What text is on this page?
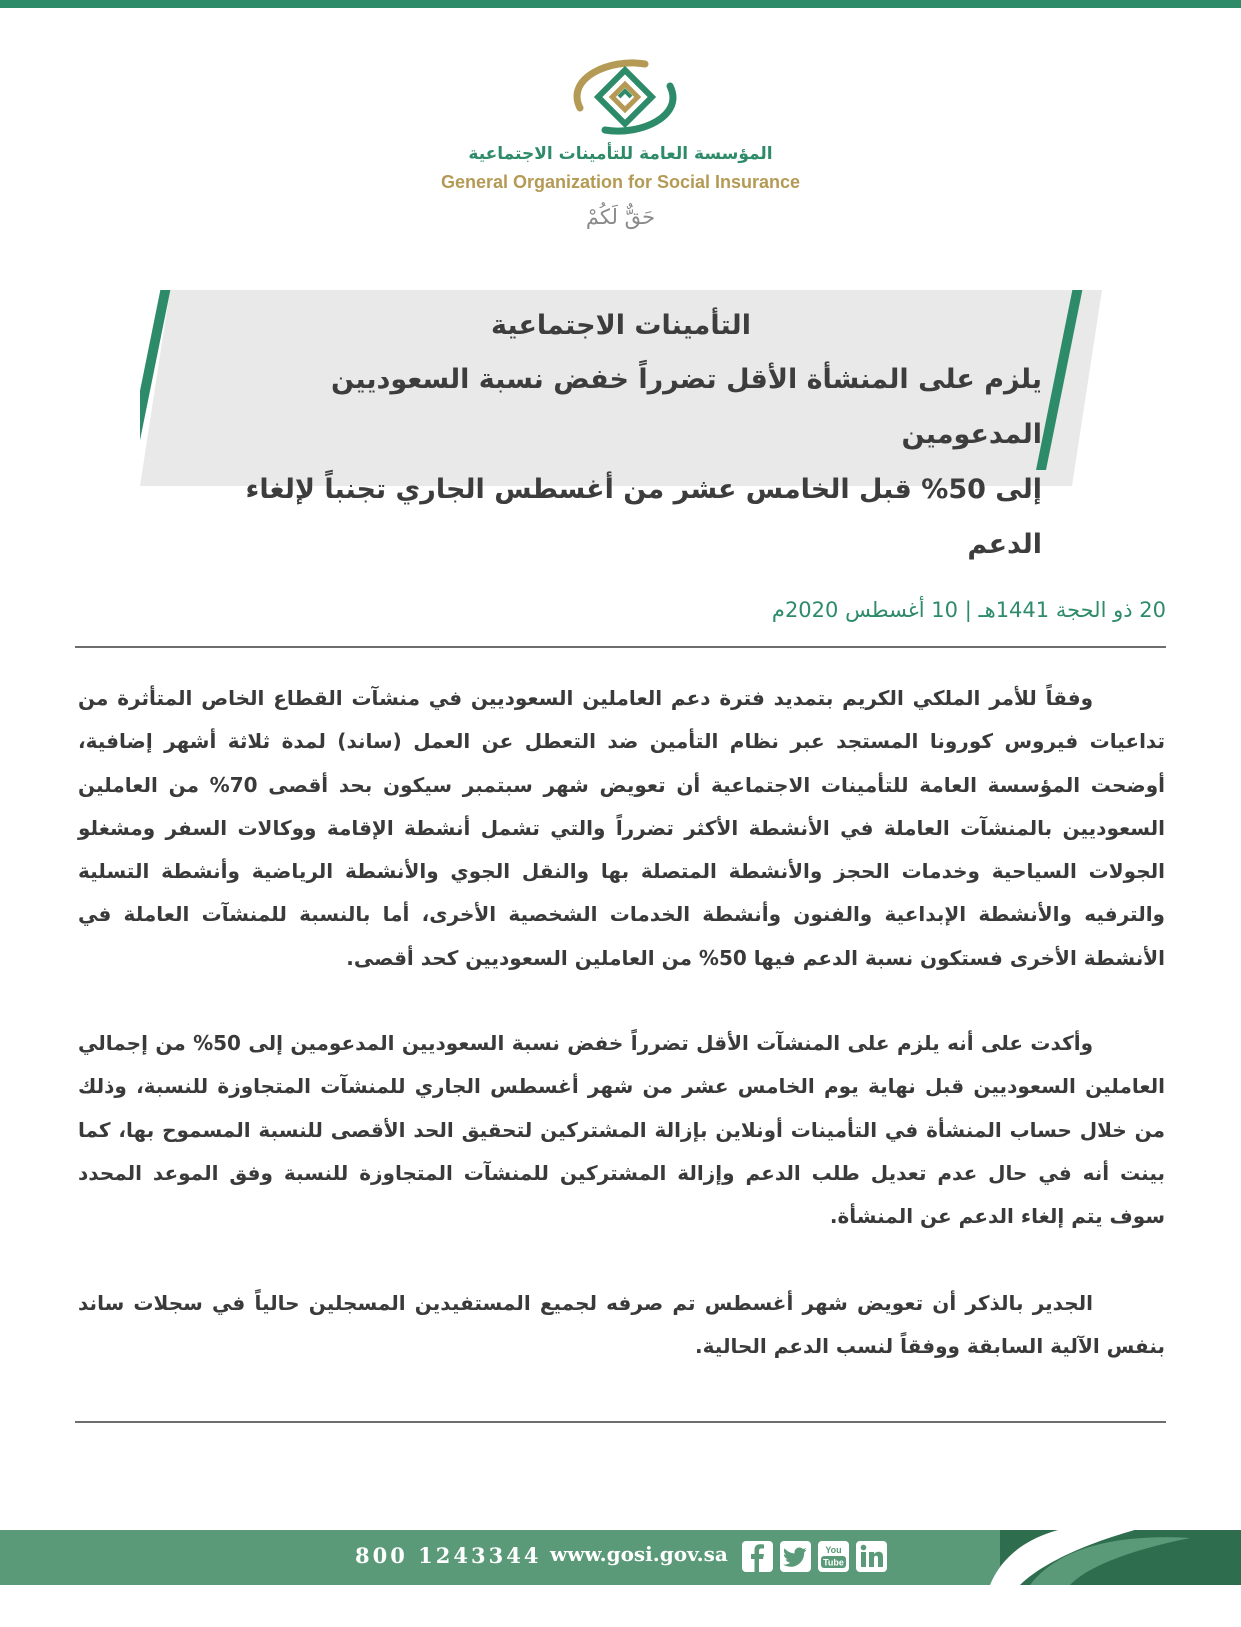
المؤسسة العامة للتأمينات الاجتماعية
General Organization for Social Insurance
حَقٌّ لَكُمْ
التأمينات الاجتماعية
يلزم على المنشأة الأقل تضرراً خفض نسبة السعوديين المدعومين
إلى 50% قبل الخامس عشر من أغسطس الجاري تجنباً لإلغاء الدعم
20 ذو الحجة 1441هـ | 10 أغسطس 2020م

وفقاً للأمر الملكي الكريم بتمديد فترة دعم العاملين السعوديين في منشآت القطاع الخاص المتأثرة من تداعيات فيروس كورونا المستجد عبر نظام التأمين ضد التعطل عن العمل (ساند) لمدة ثلاثة أشهر إضافية، أوضحت المؤسسة العامة للتأمينات الاجتماعية أن تعويض شهر سبتمبر سيكون بحد أقصى 70% من العاملين السعوديين بالمنشآت العاملة في الأنشطة الأكثر تضرراً والتي تشمل أنشطة الإقامة ووكالات السفر ومشغلو الجولات السياحية وخدمات الحجز والأنشطة المتصلة بها والنقل الجوي والأنشطة الرياضية وأنشطة التسلية والترفيه والأنشطة الإبداعية والفنون وأنشطة الخدمات الشخصية الأخرى، أما بالنسبة للمنشآت العاملة في الأنشطة الأخرى فستكون نسبة الدعم فيها 50% من العاملين السعوديين كحد أقصى.

وأكدت على أنه يلزم على المنشآت الأقل تضرراً خفض نسبة السعوديين المدعومين إلى 50% من إجمالي العاملين السعوديين قبل نهاية يوم الخامس عشر من شهر أغسطس الجاري للمنشآت المتجاوزة للنسبة، وذلك من خلال حساب المنشأة في التأمينات أونلاين بإزالة المشتركين لتحقيق الحد الأقصى للنسبة المسموح بها، كما بينت أنه في حال عدم تعديل طلب الدعم وإزالة المشتركين للمنشآت المتجاوزة للنسبة وفق الموعد المحدد سوف يتم إلغاء الدعم عن المنشأة.

الجدير بالذكر أن تعويض شهر أغسطس تم صرفه لجميع المستفيدين المسجلين حالياً في سجلات ساند بنفس الآلية السابقة ووفقاً لنسب الدعم الحالية.

800 1243344 www.gosi.gov.sa	You
Tube
